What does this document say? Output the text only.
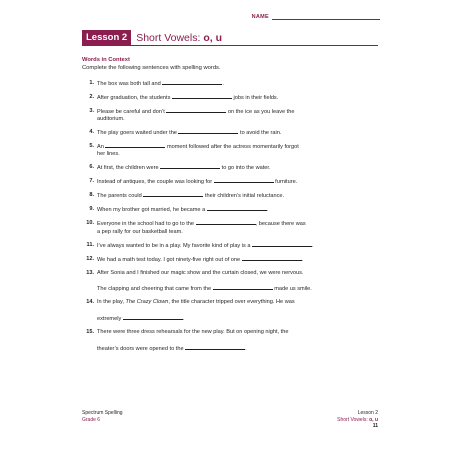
NAME
Lesson 2 Short Vowels: o, u
Words in Context
Complete the following sentences with spelling words.
1. The box was both tall and	.
2. After graduation, the students	jobs in their fields.
3. Please be careful and don’t	on the ice as you leave the
auditorium.
4. The play goers waited under the	to avoid the rain.
5. An	moment followed after the actress momentarily forgot
her lines.
6. At first, the children were	to go into the water.
7. Instead of antiques, the couple was looking for	furniture.
8. The parents could	their children’s initial reluctance.
9. When my brother got married, he became a	.
10. Everyone in the school had to go to the	, because there was
a pep rally for our basketball team.
11. I’ve always wanted to be in a play. My favorite kind of play is a	.
12. We had a math test today. I got ninety-five right out of one	.
13. After Sonia and I finished our magic show and the curtain closed, we were nervous.
The clapping and cheering that came from the	made us smile.
14. In the play, The Crazy Clown, the title character tripped over everything. He was
extremely	.
15. There were three dress rehearsals for the new play. But on opening night, the
theater’s doors were opened to the	.
Spectrum Spelling
Grade 6
Lesson 2
Short Vowels: o, u
11
